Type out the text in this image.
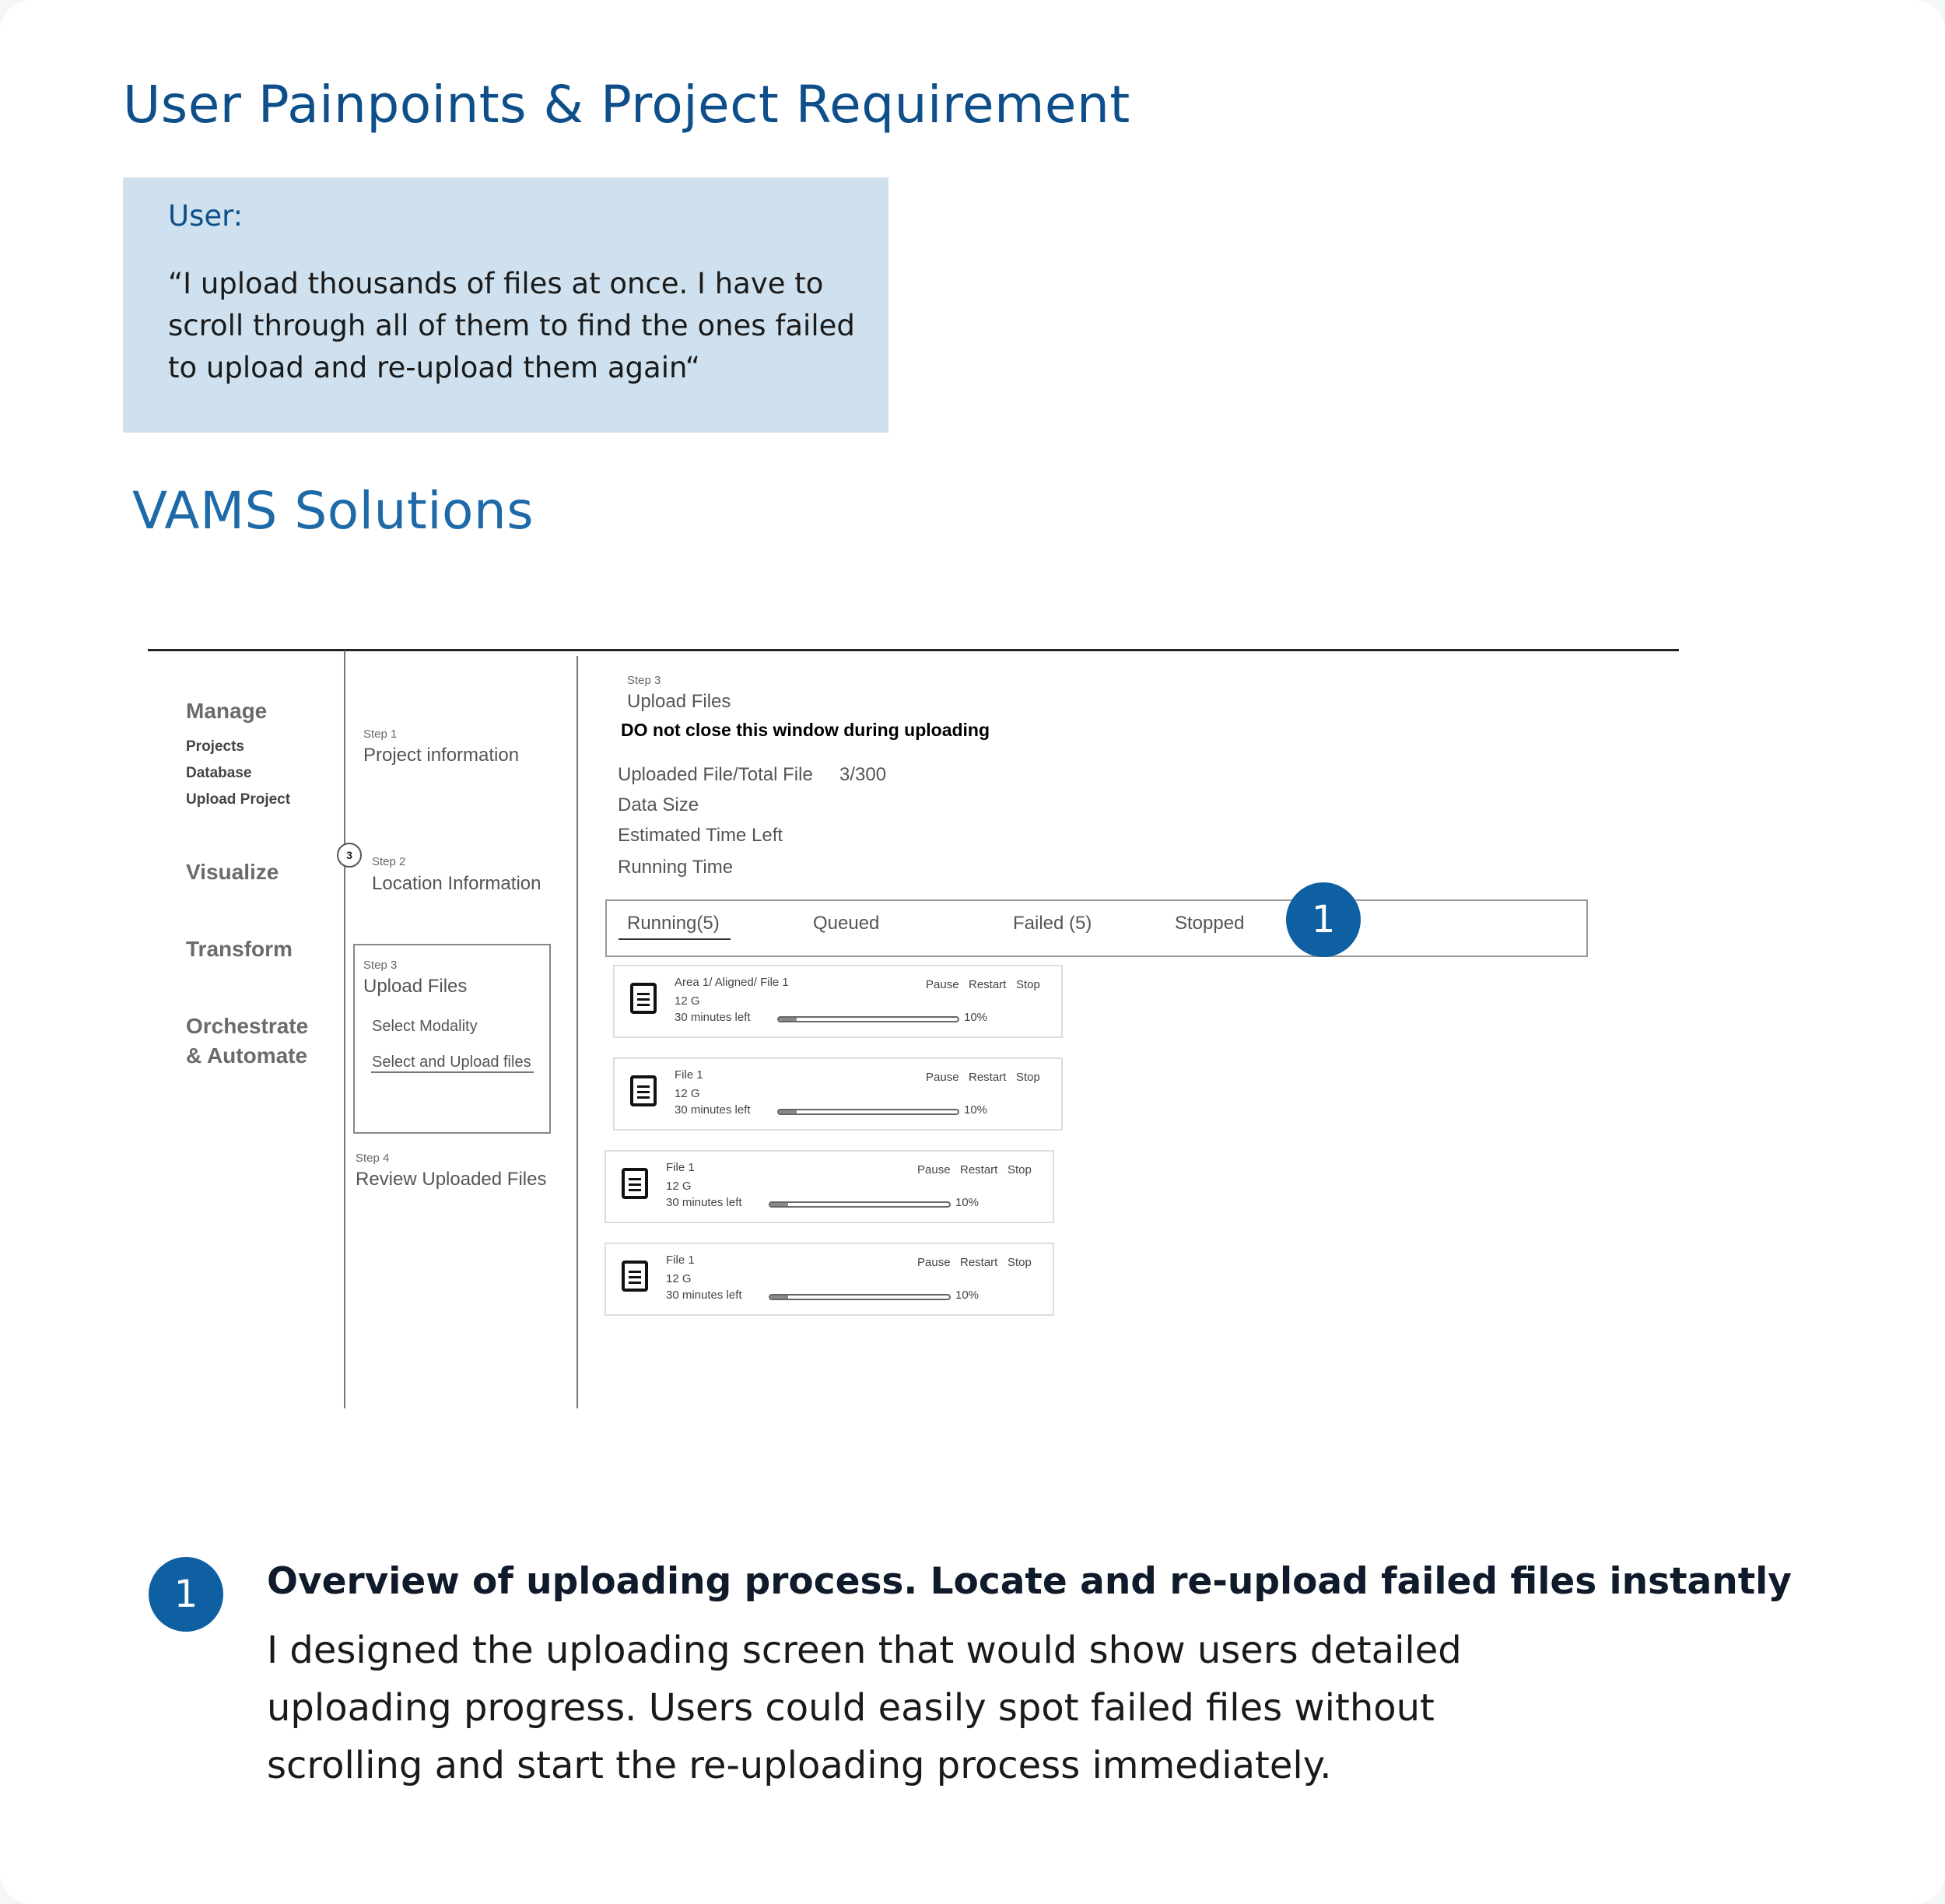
User Painpoints & Project Requirement
User:
“I upload thousands of files at once. I have to
scroll through all of them to find the ones failed
to upload and re-upload them again“
VAMS Solutions
Manage
Projects
Database
Upload Project
Visualize
Transform
Orchestrate
& Automate
Step 1
Project information
3	Step 2
Location Information
Step 3
Upload Files
Select Modality
Select and Upload files
Step 4
Review Uploaded Files
Step 3
Upload Files
DO not close this window during uploading
Uploaded File/Total File 3/300
Data Size
Estimated Time Left
Running Time
Running(5)	Queued	Failed (5)	Stopped	1
Area 1/ Aligned/ File 1
12 G
30 minutes left	10%
Pause Restart Stop
File 1
12 G
30 minutes left	10%
Pause Restart Stop
File 1
12 G
30 minutes left	10%
Pause Restart Stop
File 1
12 G
30 minutes left	10%
Pause Restart Stop
1	Overview of uploading process. Locate and re-upload failed files instantly
I designed the uploading screen that would show users detailed
uploading progress. Users could easily spot failed files without
scrolling and start the re-uploading process immediately.
